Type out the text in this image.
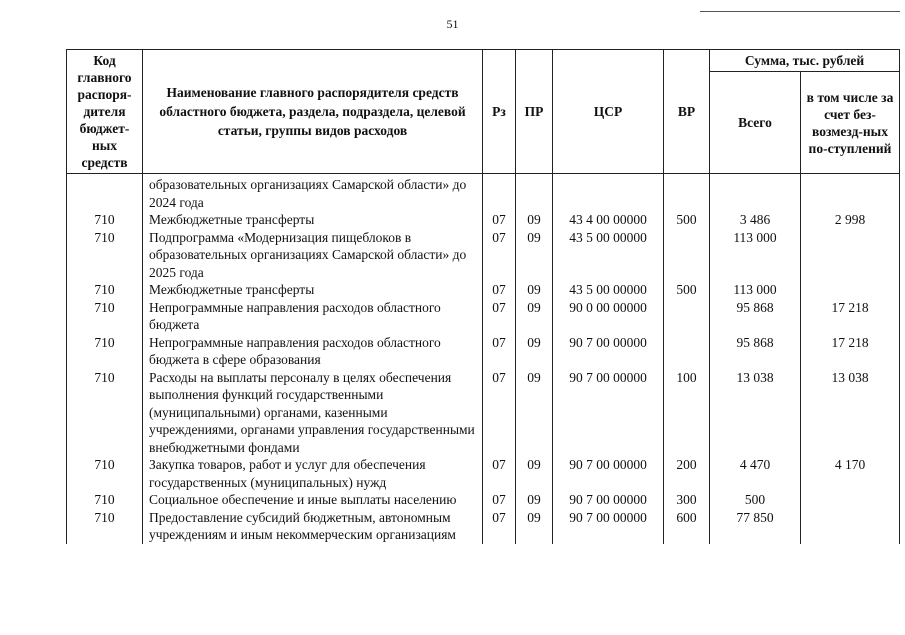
51
Код главного распоря-дителя бюджет-ных средств	Наименование главного распорядителя средств областного бюджета, раздела, подраздела, целевой статьи, группы видов расходов	Рз	ПР	ЦСР	ВР	Сумма, тыс. рублей	
						Всего	в том числе за счет без-возмезд-ных по-ступлений
	образовательных организациях Самарской области» до 2024 года						
710	Межбюджетные трансферты	07	09	43 4 00 00000	500	3 486	2 998
710	Подпрограмма «Модернизация пищеблоков в образовательных организациях Самарской области» до 2025 года	07	09	43 5 00 00000		113 000	
710	Межбюджетные трансферты	07	09	43 5 00 00000	500	113 000	
710	Непрограммные направления расходов областного бюджета	07	09	90 0 00 00000		95 868	17 218
710	Непрограммные направления расходов областного бюджета в сфере образования	07	09	90 7 00 00000		95 868	17 218
710	Расходы на выплаты персоналу в целях обеспечения выполнения функций государственными (муниципальными) органами, казенными учреждениями, органами управления государственными внебюджетными фондами	07	09	90 7 00 00000	100	13 038	13 038
710	Закупка товаров, работ и услуг для обеспечения государственных (муниципальных) нужд	07	09	90 7 00 00000	200	4 470	4 170
710	Социальное обеспечение и иные выплаты населению	07	09	90 7 00 00000	300	500	
710	Предоставление субсидий бюджетным, автономным учреждениям и иным некоммерческим организациям	07	09	90 7 00 00000	600	77 850	
